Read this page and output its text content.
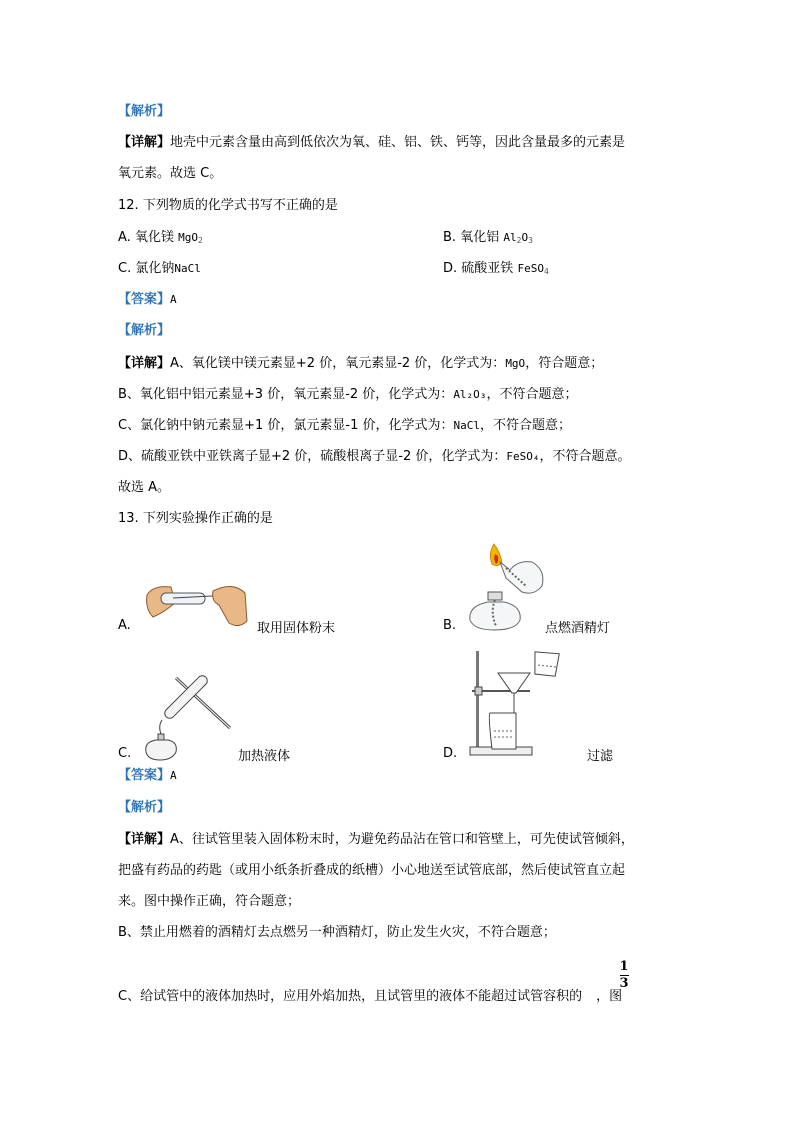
【解析】
【详解】地壳中元素含量由高到低依次为氧、硅、铝、铁、钙等，因此含量最多的元素是
氧元素。故选 C。
12. 下列物质的化学式书写不正确的是
A. 氧化镁 MgO$_2$	B. 氧化铝 $Al_2O_3$
C. 氯化钠NaCl	D. 硫酸亚铁 FeSO$_4$
【答案】A
【解析】
【详解】A、氧化镁中镁元素显+2 价，氧元素显-2 价，化学式为：MgO，符合题意；
B、氧化铝中铝元素显+3 价，氧元素显-2 价，化学式为：Al₂O₃，不符合题意；
C、氯化钠中钠元素显+1 价，氯元素显-1 价，化学式为：NaCl，不符合题意；
D、硫酸亚铁中亚铁离子显+2 价，硫酸根离子显-2 价，化学式为：FeSO₄，不符合题意。
故选 A。
13. 下列实验操作正确的是
A.	取用固体粉末	B.	点燃酒精灯
C.	加热液体	D.	过滤
【答案】A
【解析】
【详解】A、往试管里装入固体粉末时，为避免药品沾在管口和管壁上，可先使试管倾斜，
把盛有药品的药匙（或用小纸条折叠成的纸槽）小心地送至试管底部，然后使试管直立起
来。图中操作正确，符合题意；
B、禁止用燃着的酒精灯去点燃另一种酒精灯，防止发生火灾，不符合题意；
C、给试管中的液体加热时，应用外焰加热，且试管里的液体不能超过试管容积的 ，图
1
3
